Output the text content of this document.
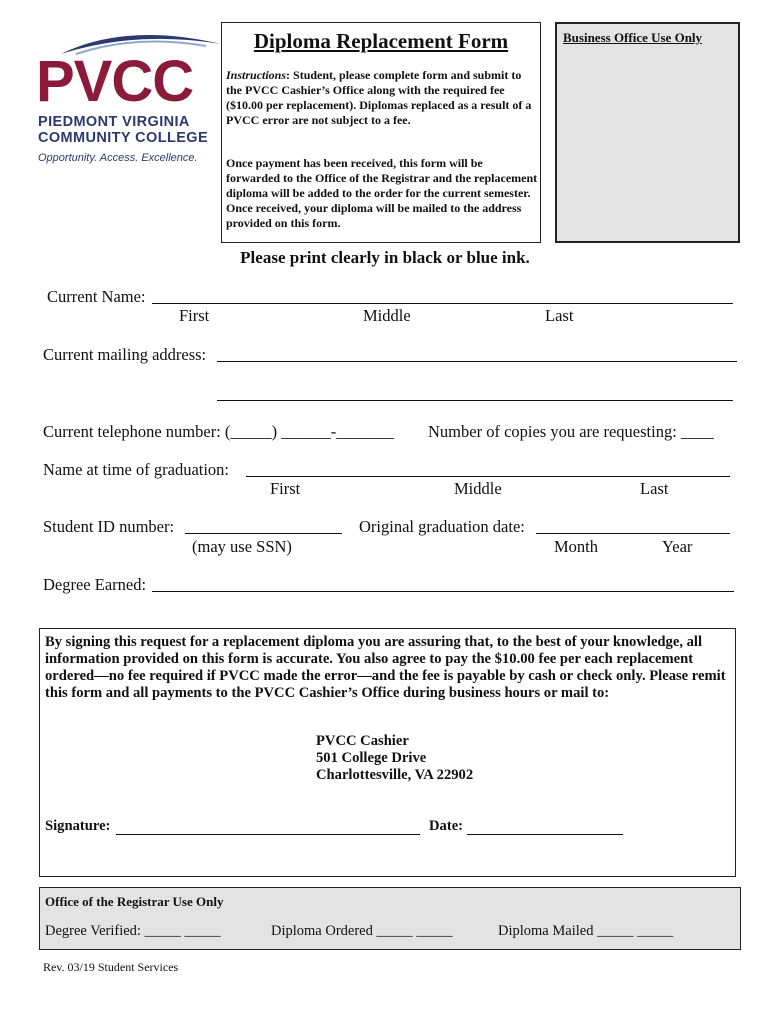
PVCC
PIEDMONT VIRGINIA
COMMUNITY COLLEGE
Opportunity. Access. Excellence.
Diploma Replacement Form
Instructions: Student, please complete form and submit to the PVCC Cashier’s Office along with the required fee ($10.00 per replacement). Diplomas replaced as a result of a PVCC error are not subject to a fee.
Once payment has been received, this form will be forwarded to the Office of the Registrar and the replacement diploma will be added to the order for the current semester. Once received, your diploma will be mailed to the address provided on this form.
Business Office Use Only
Please print clearly in black or blue ink.
Current Name:
First	Middle	Last
Current mailing address:
Current telephone number: (_____) ______-_______ Number of copies you are requesting: ____
Name at time of graduation:
First	Middle	Last
Student ID number:
(may use SSN)
Original graduation date:
Month	Year
Degree Earned:
By signing this request for a replacement diploma you are assuring that, to the best of your knowledge, all information provided on this form is accurate. You also agree to pay the $10.00 fee per each replacement ordered—no fee required if PVCC made the error—and the fee is payable by cash or check only. Please remit this form and all payments to the PVCC Cashier’s Office during business hours or mail to:
PVCC Cashier
501 College Drive
Charlottesville, VA 22902
Signature:	Date:
Office of the Registrar Use Only
Degree Verified: _____ _____	Diploma Ordered _____ _____	Diploma Mailed _____ _____
Rev. 03/19 Student Services
